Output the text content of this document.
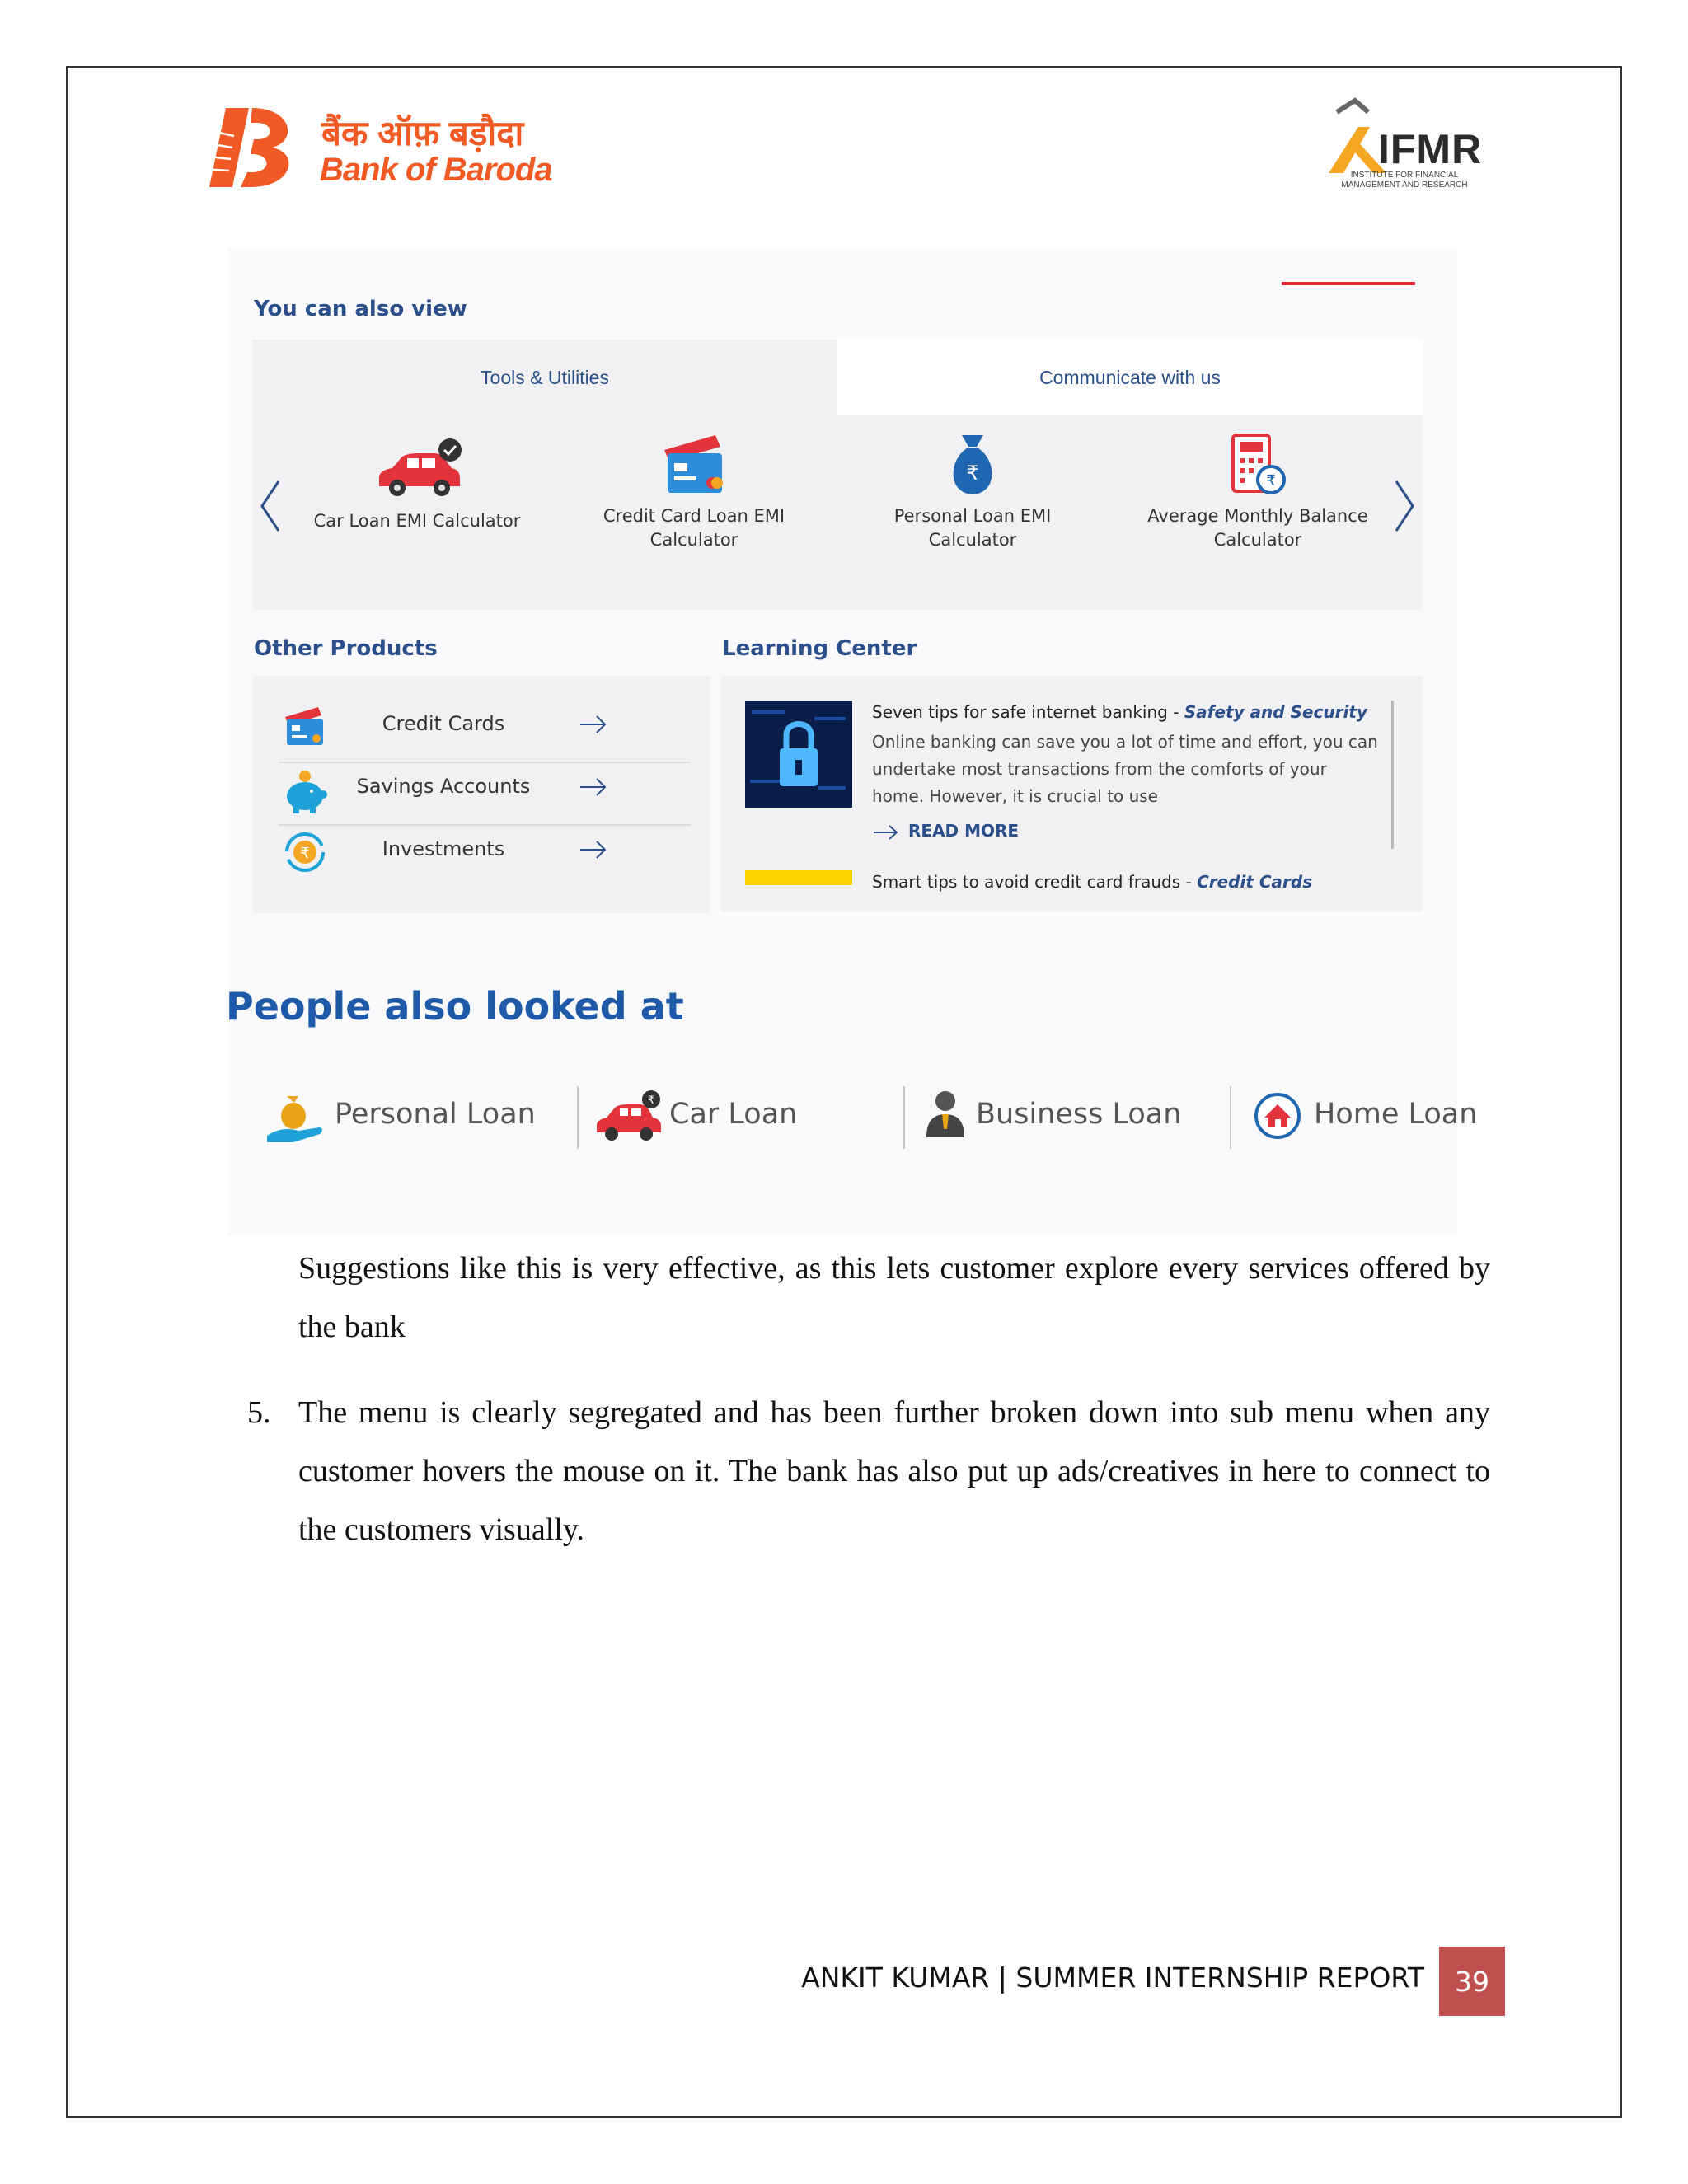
बैंक ऑफ़ बड़ौदा
Bank of Baroda	IFMR
INSTITUTE FOR FINANCIAL MANAGEMENT AND RESEARCH
You can also view
Tools & Utilities	Communicate with us
Car Loan EMI Calculator	Credit Card Loan EMI Calculator
₹
Personal Loan EMI Calculator
₹
Average Monthly Balance Calculator
Other Products	Learning Center
Credit Cards
Savings Accounts
₹	Investments
Seven tips for safe internet banking - Safety and Security
Online banking can save you a lot of time and effort, you can undertake most transactions from the comforts of your home. However, it is crucial to use
READ MORE
Smart tips to avoid credit card frauds - Credit Cards
People also looked at
Personal Loan	₹ Car Loan	Business Loan	Home Loan
Suggestions like this is very effective, as this lets customer explore every services offered by the bank
5. The menu is clearly segregated and has been further broken down into sub menu when any customer hovers the mouse on it. The bank has also put up ads/creatives in here to connect to the customers visually.
ANKIT KUMAR | SUMMER INTERNSHIP REPORT	39
